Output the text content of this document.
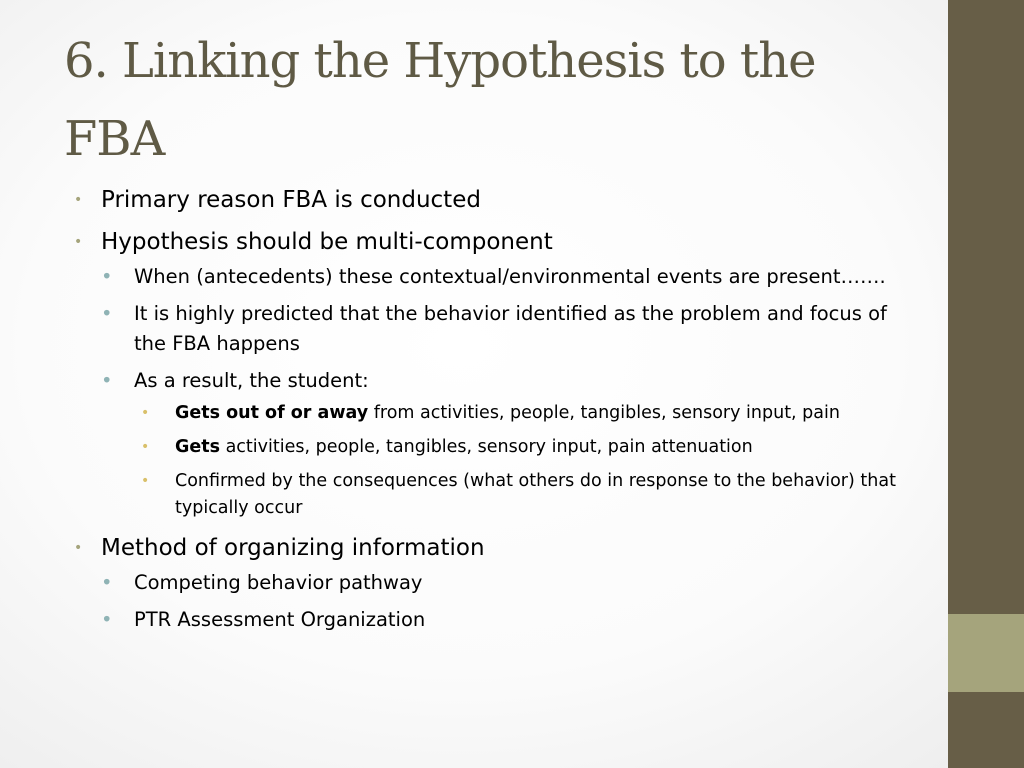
6. Linking the Hypothesis to the FBA
• Primary reason FBA is conducted
• Hypothesis should be multi-component
• When (antecedents) these contextual/environmental events are present…….
• It is highly predicted that the behavior identified as the problem and focus of the FBA happens
• As a result, the student:
• Gets out of or away from activities, people, tangibles, sensory input, pain
• Gets activities, people, tangibles, sensory input, pain attenuation
• Confirmed by the consequences (what others do in response to the behavior) that typically occur
• Method of organizing information
• Competing behavior pathway
• PTR Assessment Organization
